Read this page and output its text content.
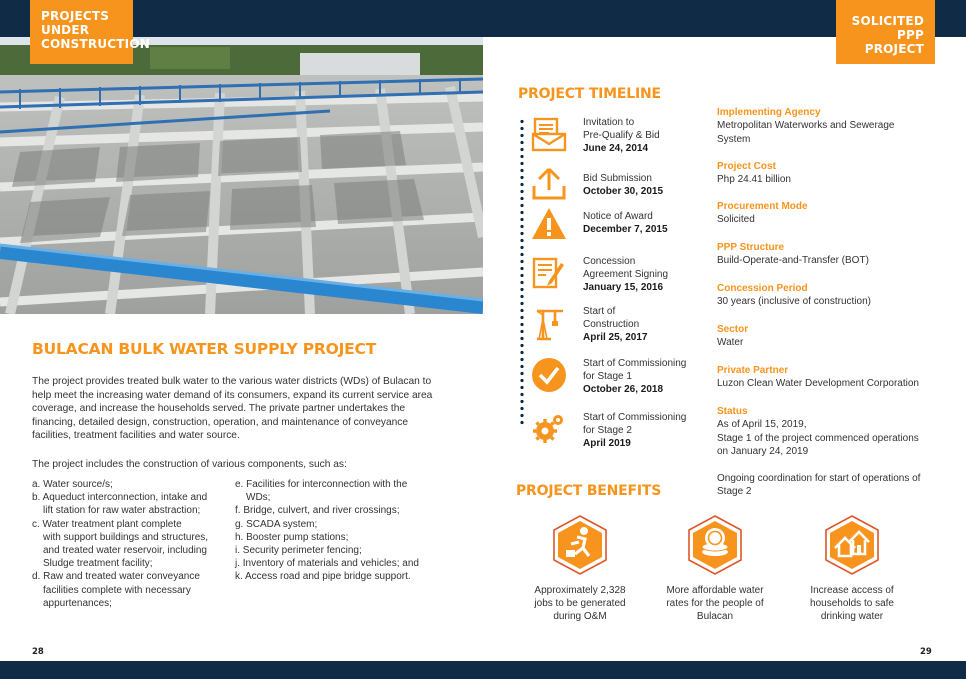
PROJECTS
UNDER
CONSTRUCTION
SOLICITED
PPP PROJECT
BULACAN BULK WATER SUPPLY PROJECT

The project provides treated bulk water to the various water districts (WDs) of Bulacan to help meet the increasing water demand of its consumers, expand its current service area coverage, and increase the households served. The private partner undertakes the financing, detailed design, construction, operation, and maintenance of conveyance facilities, treatment facilities and water source.

The project includes the construction of various components, such as:

a. Water source/s;
b. Aqueduct interconnection, intake and
lift station for raw water abstraction;
c. Water treatment plant complete
with support buildings and structures,
and treated water reservoir, including
Sludge treatment facility;
d. Raw and treated water conveyance
facilities complete with necessary
appurtenances;
e. Facilities for interconnection with the
WDs;
f. Bridge, culvert, and river crossings;
g. SCADA system;
h. Booster pump stations;
i. Security perimeter fencing;
j. Inventory of materials and vehicles; and
k. Access road and pipe bridge support.
28	29
PROJECT TIMELINE
Invitation to
Pre-Qualify & Bid
June 24, 2014
Bid Submission
October 30, 2015
Notice of Award
December 7, 2015
Concession
Agreement Signing
January 15, 2016
Start of
Construction
April 25, 2017
Start of Commissioning
for Stage 1
October 26, 2018
Start of Commissioning
for Stage 2
April 2019
Implementing Agency
Metropolitan Waterworks and Sewerage
System
Project Cost
Php 24.41 billion
Procurement Mode
Solicited
PPP Structure
Build-Operate-and-Transfer (BOT)
Concession Period
30 years (inclusive of construction)
Sector
Water
Private Partner
Luzon Clean Water Development Corporation
Status
As of April 15, 2019,
Stage 1 of the project commenced operations
on January 24, 2019
Ongoing coordination for start of operations of
Stage 2
PROJECT BENEFITS
Approximately 2,328
jobs to be generated
during O&M
More affordable water
rates for the people of
Bulacan
Increase access of
households to safe
drinking water
